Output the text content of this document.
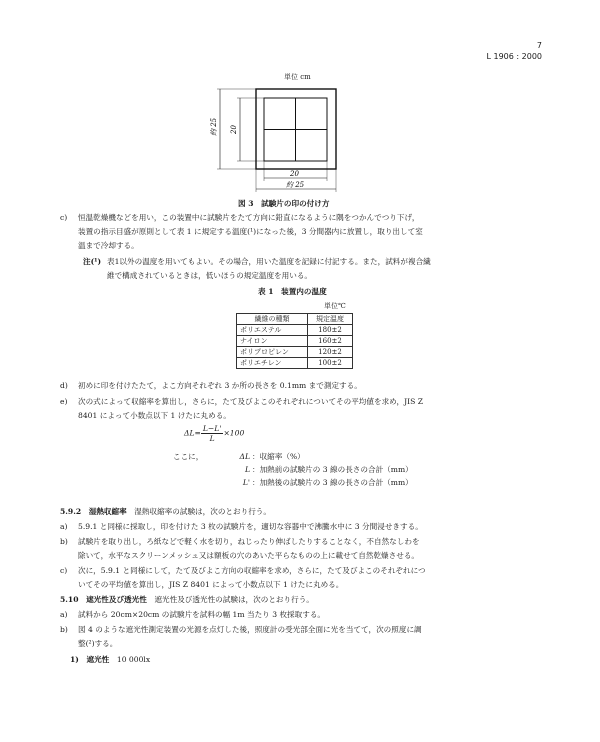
7
L 1906 : 2000
単位 cm
約 25 20
20
約 25
図 3　 試験片の印の付け方
c) 恒温乾燥機などを用い，この装置中に試験片をたて方向に鉛直になるように隅をつかんでつり下げ，
装置の指示目盛が原則として表 1 に規定する温度(¹)になった後，3 分間器内に放置し，取り出して室
温まで冷却する。
注(¹) 表1以外の温度を用いてもよい。その場合，用いた温度を記録に付記する。また，試料が複合繊
維で構成されているときは，低いほうの規定温度を用いる。
表 1　装置内の温度
単位℃
繊維の種類	規定温度
ポリエステル	180±2
ナイロン	160±2
ポリプロピレン	120±2
ポリエチレン	100±2
d) 初めに印を付けたたて，よこ方向それぞれ 3 か所の長さを 0.1mm まで測定する。
e) 次の式によって収縮率を算出し，さらに，たて及びよこのそれぞれについてその平均値を求め，JIS Z
8401 によって小数点以下 1 けたに丸める。
$\Delta L= \frac{L-L'}{L} \times 100$
ここに，	ΔL ：収縮率（%）
L ：加熱前の試験片の 3 線の長さの合計（mm）
L' ：加熱後の試験片の 3 線の長さの合計（mm）
5.9.2　 湿熱収縮率　 湿熱収縮率の試験は，次のとおり行う。
a) 5.9.1 と同様に採取し，印を付けた 3 枚の試験片を，適切な容器中で沸騰水中に 3 分間浸せきする。
b) 試験片を取り出し，ろ紙などで軽く水を切り，ねじったり伸ばしたりすることなく，不自然なしわを
除いて，水平なスクリーンメッシュ又は額板の穴のあいた平らなものの上に載せて自然乾燥させる。
c) 次に，5.9.1 と同様にして，たて及びよこ方向の収縮率を求め，さらに，たて及びよこのそれぞれにつ
いてその平均値を算出し，JIS Z 8401 によって小数点以下 1 けたに丸める。
5.10　 遮光性及び透光性　 遮光性及び透光性の試験は，次のとおり行う。
a) 試料から 20cm×20cm の試験片を試料の幅 1m 当たり 3 枚採取する。
b) 図 4 のような遮光性測定装置の光源を点灯した後，照度計の受光部全面に光を当てて，次の照度に調
整(²)する。
1)　 遮光性　 10 000lx
